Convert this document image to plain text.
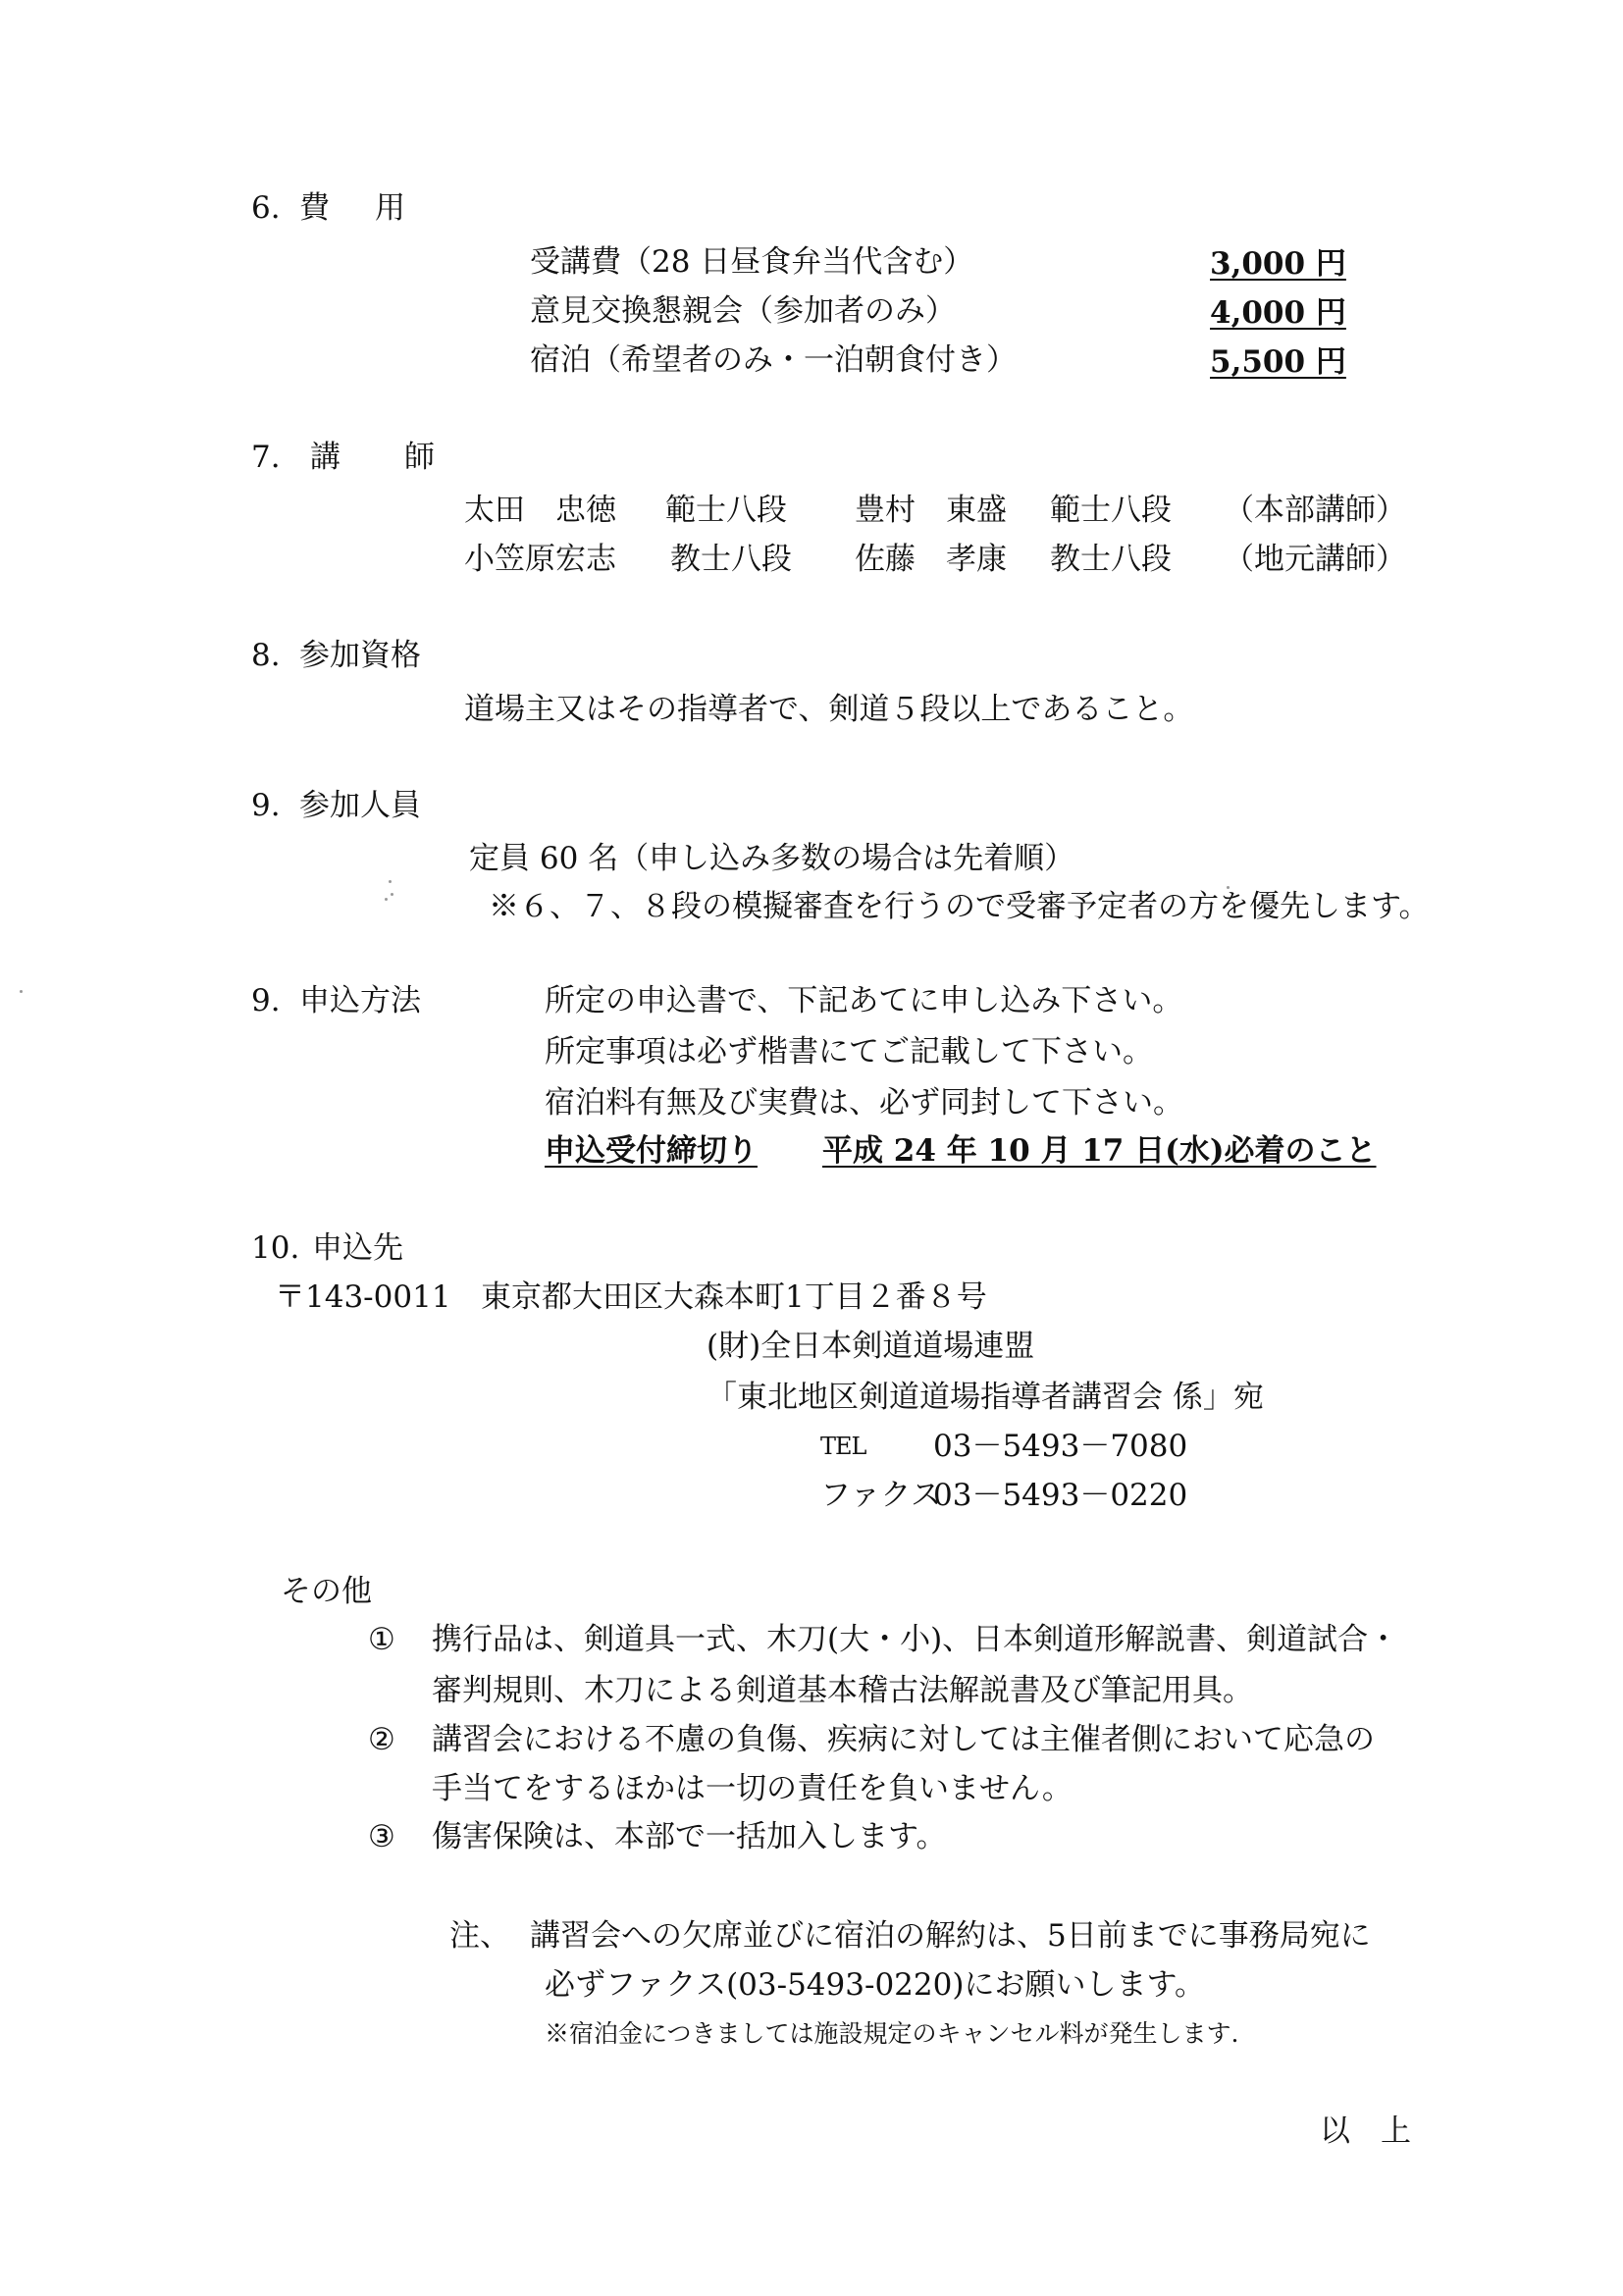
6. 費 用
受講費（28 日昼食弁当代含む）	3,000 円
意見交換懇親会（参加者のみ）	4,000 円
宿泊（希望者のみ・一泊朝食付き）	5,500 円
7. 講 師
太田　忠徳 範士八段 豊村　東盛 範士八段 （本部講師）
小笠原宏志 教士八段 佐藤　孝康 教士八段 （地元講師）
8. 参加資格
道場主又はその指導者で、剣道５段以上であること。
9. 参加人員
定員 60 名（申し込み多数の場合は先着順）
※６、７、８段の模擬審査を行うので受審予定者の方を優先します。
9. 申込方法	所定の申込書で、下記あてに申し込み下さい。
所定事項は必ず楷書にてご記載して下さい。
宿泊料有無及び実費は、必ず同封して下さい。
申込受付締切り 平成 24 年 10 月 17 日(水)必着のこと
10. 申込先
〒143-0011 東京都大田区大森本町1丁目２番８号
(財)全日本剣道道場連盟
「東北地区剣道道場指導者講習会 係」宛
TEL 03－5493－7080
ファクス
03－5493－0220
その他
① 携行品は、剣道具一式、木刀(大・小)、日本剣道形解説書、剣道試合・
審判規則、木刀による剣道基本稽古法解説書及び筆記用具。
② 講習会における不慮の負傷、疾病に対しては主催者側において応急の
手当てをするほかは一切の責任を負いません。
③ 傷害保険は、本部で一括加入します。
注、 講習会への欠席並びに宿泊の解約は、5日前までに事務局宛に
必ずファクス(03-5493-0220)にお願いします。
※宿泊金につきましては施設規定のキャンセル料が発生します.
以　上
